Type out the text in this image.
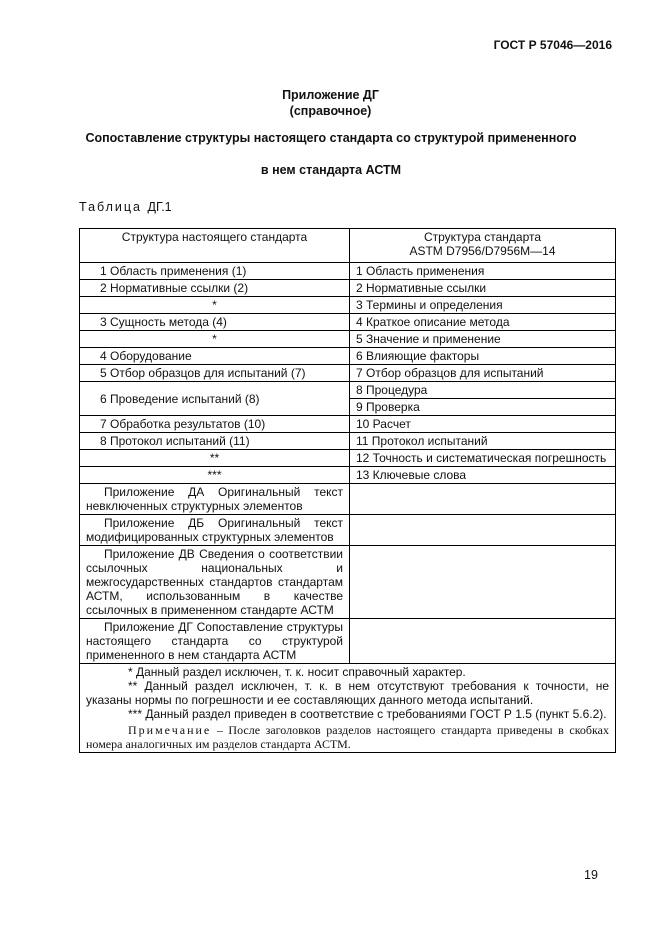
ГОСТ Р 57046—2016
Приложение ДГ
(справочное)
Сопоставление структуры настоящего стандарта со структурой примененного
в нем стандарта АСТМ
Таблица ДГ.1
Структура настоящего стандарта	Структура стандарта
ASTM D7956/D7956M—14

1 Область применения (1)	1 Область применения
2 Нормативные ссылки (2)	2 Нормативные ссылки
*	3 Термины и определения
3 Сущность метода (4)	4 Краткое описание метода
*	5 Значение и применение
4 Оборудование	6 Влияющие факторы
5 Отбор образцов для испытаний (7)	7 Отбор образцов для испытаний
6 Проведение испытаний (8)	8 Процедура
	9 Проверка
7 Обработка результатов (10)	10 Расчет
8 Протокол испытаний (11)	11 Протокол испытаний
**	12 Точность и систематическая погрешность
***	13 Ключевые слова
Приложение ДА Оригинальный текст невключенных структурных элементов	
Приложение ДБ Оригинальный текст модифицированных структурных элементов	
Приложение ДВ Сведения о соответствии ссылочных национальных и межгосударственных стандартов стандартам АСТМ, использованным в качестве ссылочных в примененном стандарте АСТМ	
Приложение ДГ Сопоставление структуры настоящего стандарта со структурой примененного в нем стандарта АСТМ	

* Данный раздел исключен, т. к. носит справочный характер.

** Данный раздел исключен, т. к. в нем отсутствуют требования к точности, не указаны нормы по погрешности и ее составляющих данного метода испытаний.

*** Данный раздел приведен в соответствие с требованиями ГОСТ Р 1.5 (пункт 5.6.2).

Примечание – После заголовков разделов настоящего стандарта приведены в скобках номера аналогичных им разделов стандарта АСТМ.	

19
